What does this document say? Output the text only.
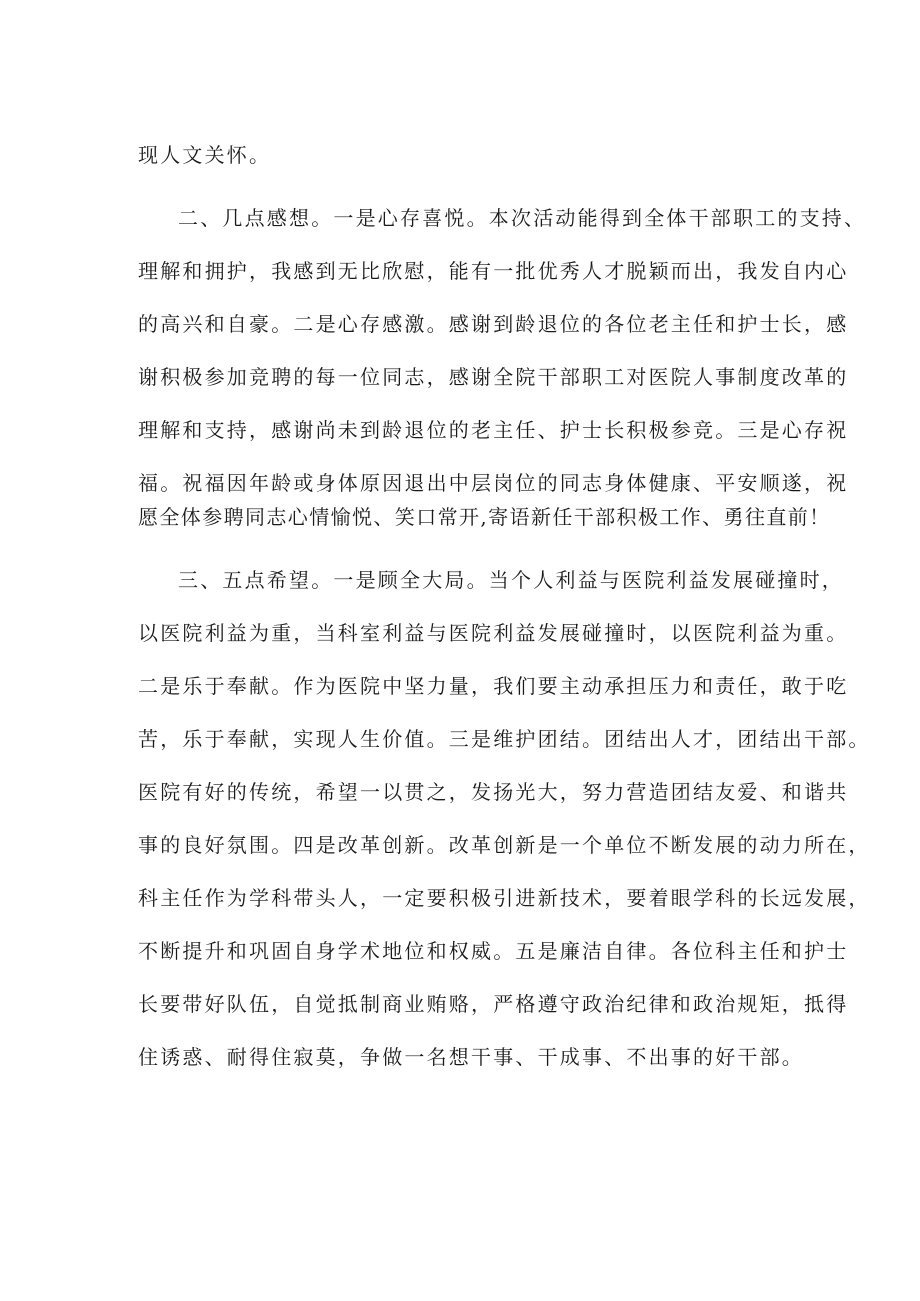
现人文关怀。
二、几点感想。一是心存喜悦。本次活动能得到全体干部职工的支持、
理解和拥护，我感到无比欣慰，能有一批优秀人才脱颖而出，我发自内心
的高兴和自豪。二是心存感激。感谢到龄退位的各位老主任和护士长，感
谢积极参加竞聘的每一位同志，感谢全院干部职工对医院人事制度改革的
理解和支持，感谢尚未到龄退位的老主任、护士长积极参竞。三是心存祝
福。祝福因年龄或身体原因退出中层岗位的同志身体健康、平安顺遂，祝
愿全体参聘同志心情愉悦、笑口常开,寄语新任干部积极工作、勇往直前！
三、五点希望。一是顾全大局。当个人利益与医院利益发展碰撞时，
以医院利益为重，当科室利益与医院利益发展碰撞时，以医院利益为重。
二是乐于奉献。作为医院中坚力量，我们要主动承担压力和责任，敢于吃
苦，乐于奉献，实现人生价值。三是维护团结。团结出人才，团结出干部。
医院有好的传统，希望一以贯之，发扬光大，努力营造团结友爱、和谐共
事的良好氛围。四是改革创新。改革创新是一个单位不断发展的动力所在，
科主任作为学科带头人，一定要积极引进新技术，要着眼学科的长远发展，
不断提升和巩固自身学术地位和权威。五是廉洁自律。各位科主任和护士
长要带好队伍，自觉抵制商业贿赂，严格遵守政治纪律和政治规矩，抵得
住诱惑、耐得住寂莫，争做一名想干事、干成事、不出事的好干部。
